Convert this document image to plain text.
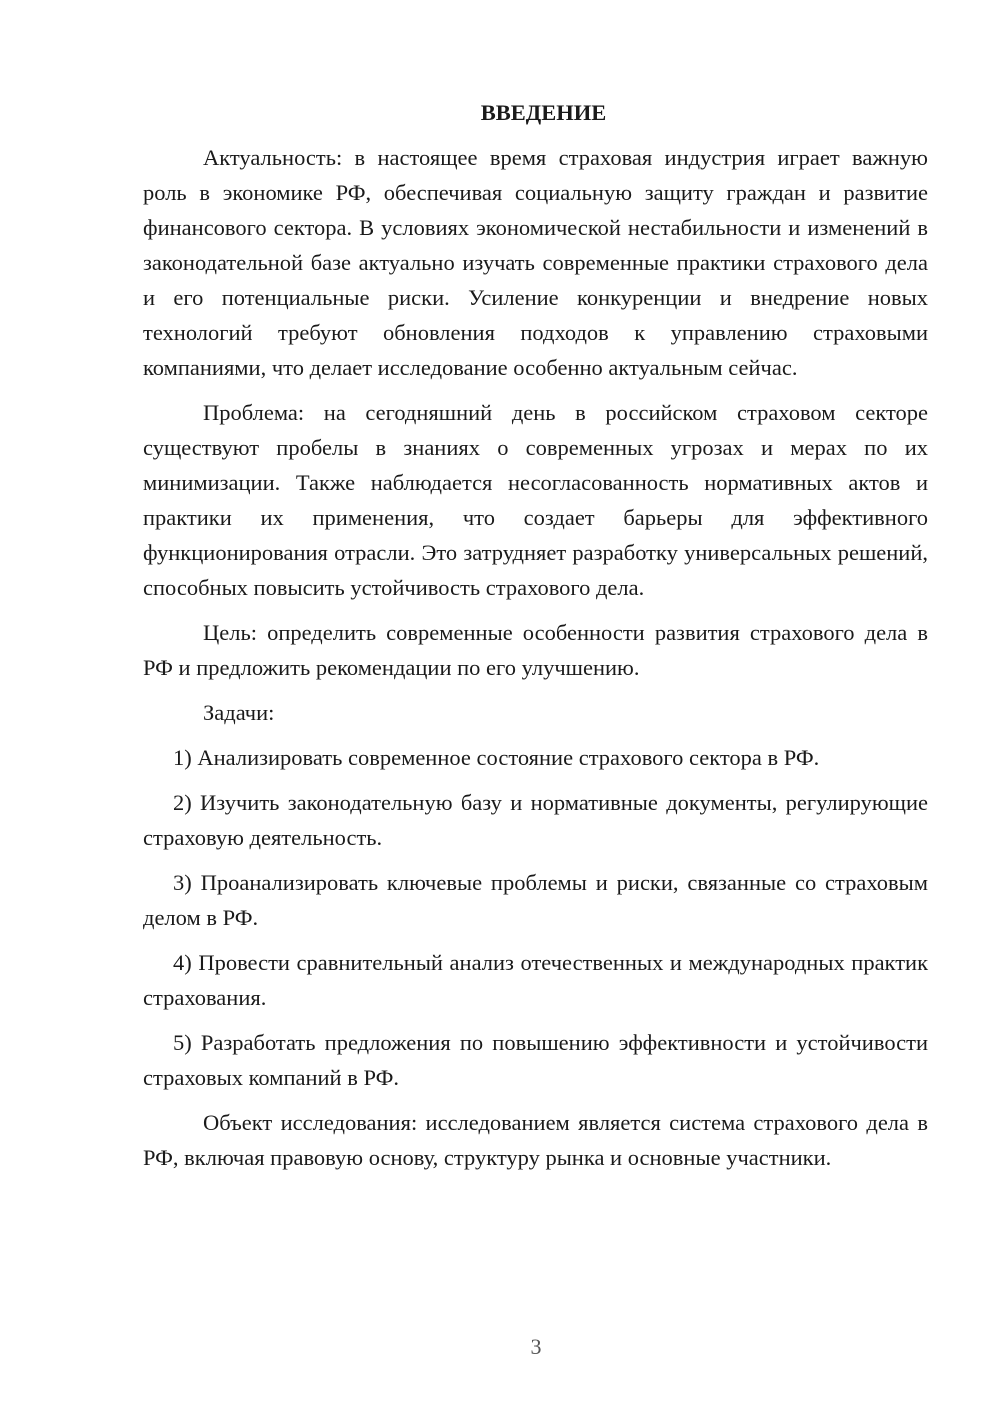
ВВЕДЕНИЕ

Актуальность: в настоящее время страховая индустрия играет важную роль в экономике РФ, обеспечивая социальную защиту граждан и развитие финансового сектора. В условиях экономической нестабильности и изменений в законодательной базе актуально изучать современные практики страхового дела и его потенциальные риски. Усиление конкуренции и внедрение новых технологий требуют обновления подходов к управлению страховыми компаниями, что делает исследование особенно актуальным сейчас.

Проблема: на сегодняшний день в российском страховом секторе существуют пробелы в знаниях о современных угрозах и мерах по их минимизации. Также наблюдается несогласованность нормативных актов и практики их применения, что создает барьеры для эффективного функционирования отрасли. Это затрудняет разработку универсальных решений, способных повысить устойчивость страхового дела.

Цель: определить современные особенности развития страхового дела в РФ и предложить рекомендации по его улучшению.

Задачи:

1) Анализировать современное состояние страхового сектора в РФ.

2) Изучить законодательную базу и нормативные документы, регулирующие страховую деятельность.

3) Проанализировать ключевые проблемы и риски, связанные со страховым делом в РФ.

4) Провести сравнительный анализ отечественных и международных практик страхования.

5) Разработать предложения по повышению эффективности и устойчивости страховых компаний в РФ.

Объект исследования: исследованием является система страхового дела в РФ, включая правовую основу, структуру рынка и основные участники.

3
